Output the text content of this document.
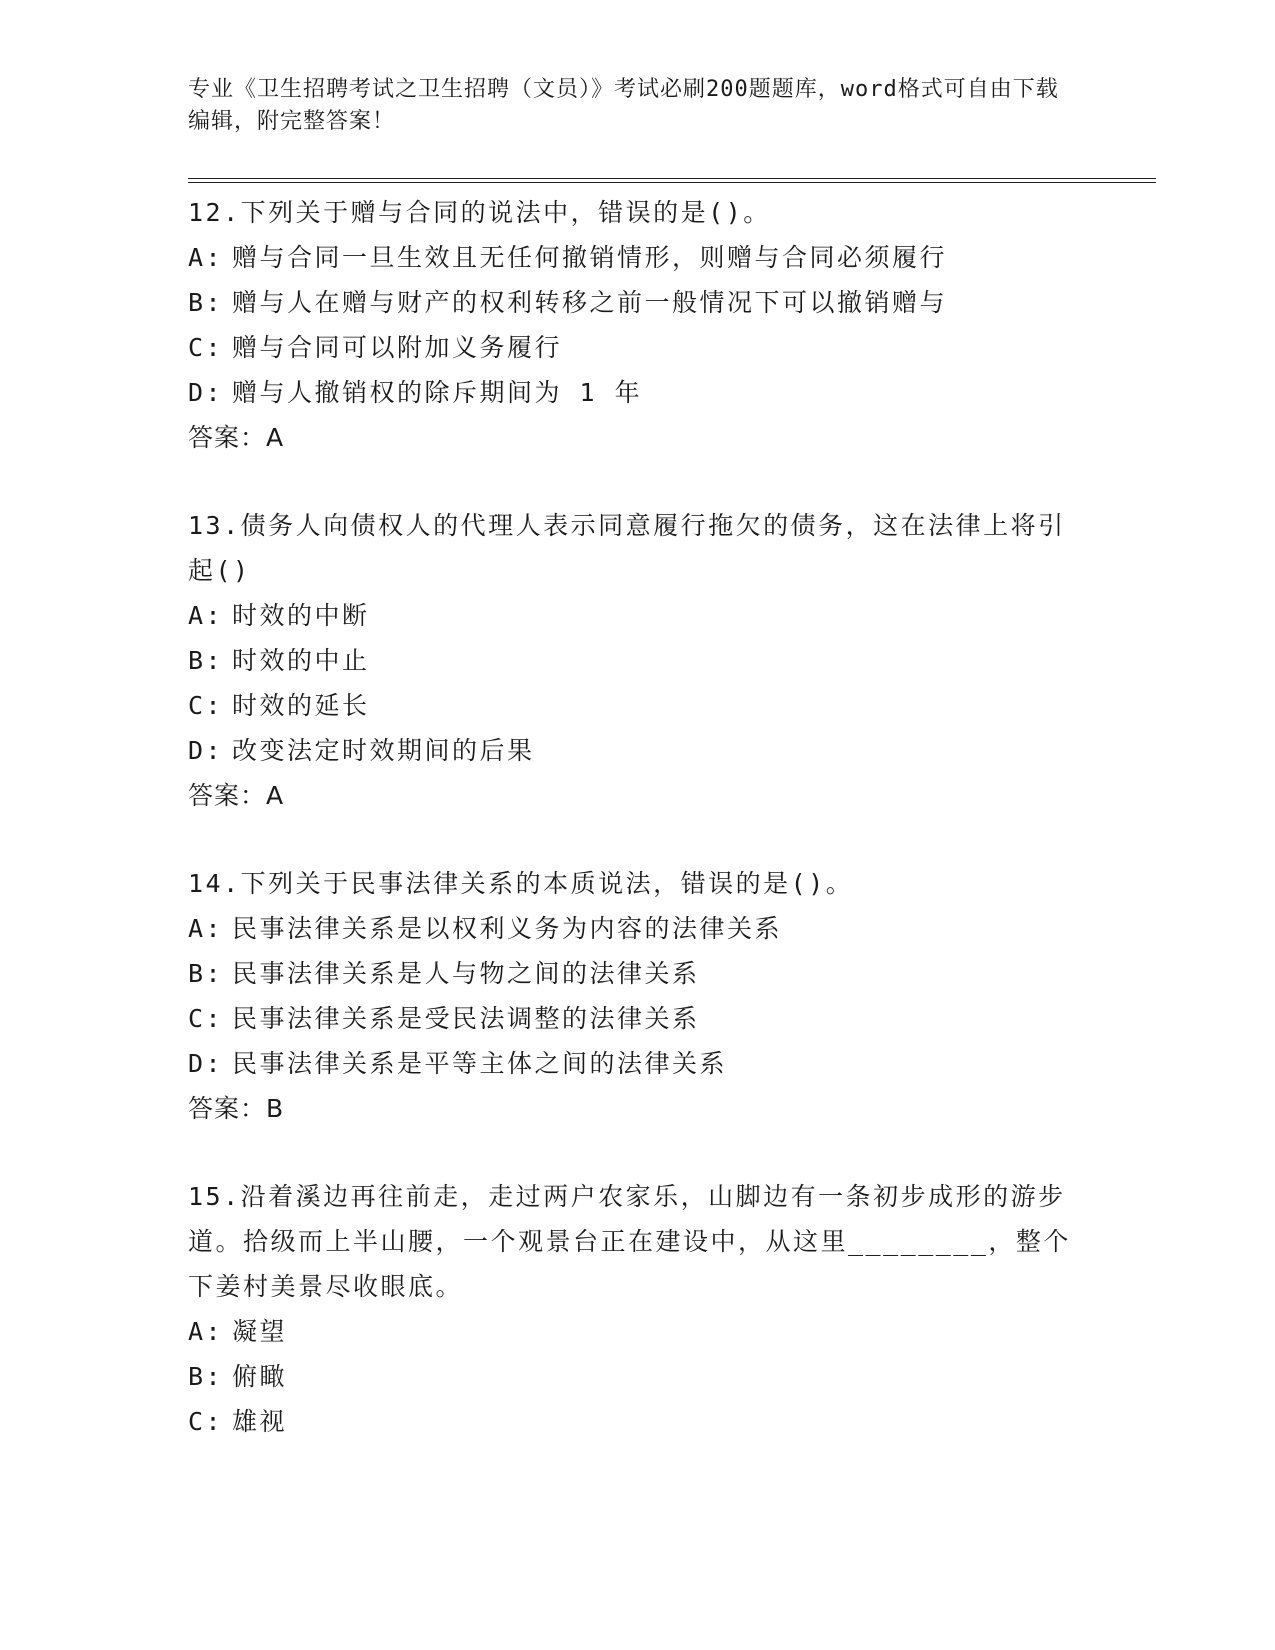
专业《卫生招聘考试之卫生招聘（文员）》考试必刷200题题库，word格式可自由下载编辑，附完整答案！

12.下列关于赠与合同的说法中，错误的是()。

A: 赠与合同一旦生效且无任何撤销情形，则赠与合同必须履行

B: 赠与人在赠与财产的权利转移之前一般情况下可以撤销赠与

C: 赠与合同可以附加义务履行

D: 赠与人撤销权的除斥期间为 1 年

答案：A

13.债务人向债权人的代理人表示同意履行拖欠的债务，这在法律上将引起()

A: 时效的中断

B: 时效的中止

C: 时效的延长

D: 改变法定时效期间的后果

答案：A

14.下列关于民事法律关系的本质说法，错误的是()。

A: 民事法律关系是以权利义务为内容的法律关系

B: 民事法律关系是人与物之间的法律关系

C: 民事法律关系是受民法调整的法律关系

D: 民事法律关系是平等主体之间的法律关系

答案：B

15.沿着溪边再往前走，走过两户农家乐，山脚边有一条初步成形的游步道。拾级而上半山腰，一个观景台正在建设中，从这里________，整个下姜村美景尽收眼底。

A: 凝望

B: 俯瞰

C: 雄视
